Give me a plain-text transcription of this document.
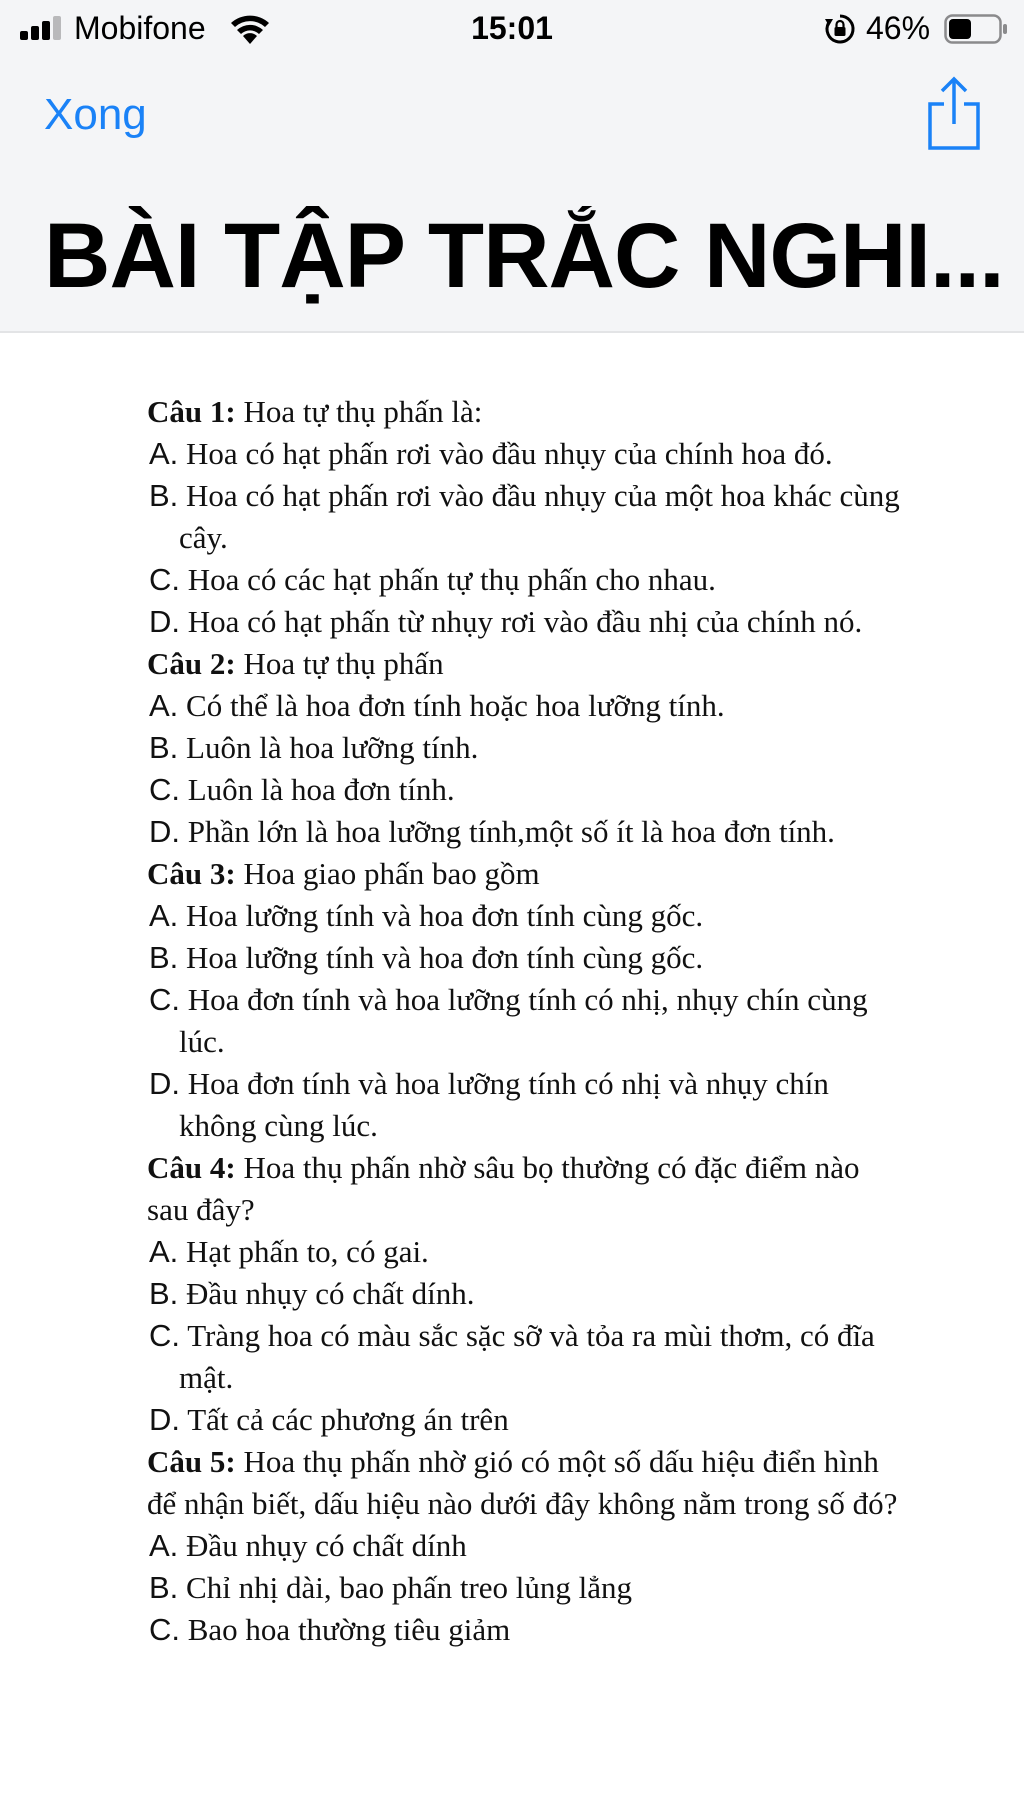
Mobifone	15:01	46%
Xong
BÀI TẬP TRẮC NGHI...

Câu 1: Hoa tự thụ phấn là:

A. Hoa có hạt phấn rơi vào đầu nhụy của chính hoa đó.

B. Hoa có hạt phấn rơi vào đầu nhụy của một hoa khác cùng cây.

C. Hoa có các hạt phấn tự thụ phấn cho nhau.

D. Hoa có hạt phấn từ nhụy rơi vào đầu nhị của chính nó.

Câu 2: Hoa tự thụ phấn

A. Có thể là hoa đơn tính hoặc hoa lưỡng tính.

B. Luôn là hoa lưỡng tính.

C. Luôn là hoa đơn tính.

D. Phần lớn là hoa lưỡng tính,một số ít là hoa đơn tính.

Câu 3: Hoa giao phấn bao gồm

A. Hoa lưỡng tính và hoa đơn tính cùng gốc.

B. Hoa lưỡng tính và hoa đơn tính cùng gốc.

C. Hoa đơn tính và hoa lưỡng tính có nhị, nhụy chín cùng lúc.

D. Hoa đơn tính và hoa lưỡng tính có nhị và nhụy chín không cùng lúc.

Câu 4: Hoa thụ phấn nhờ sâu bọ thường có đặc điểm nào sau đây?

A. Hạt phấn to, có gai.

B. Đầu nhụy có chất dính.

C. Tràng hoa có màu sắc sặc sỡ và tỏa ra mùi thơm, có đĩa mật.

D. Tất cả các phương án trên

Câu 5: Hoa thụ phấn nhờ gió có một số dấu hiệu điển hình để nhận biết, dấu hiệu nào dưới đây không nằm trong số đó?

A. Đầu nhụy có chất dính

B. Chỉ nhị dài, bao phấn treo lủng lẳng

C. Bao hoa thường tiêu giảm
